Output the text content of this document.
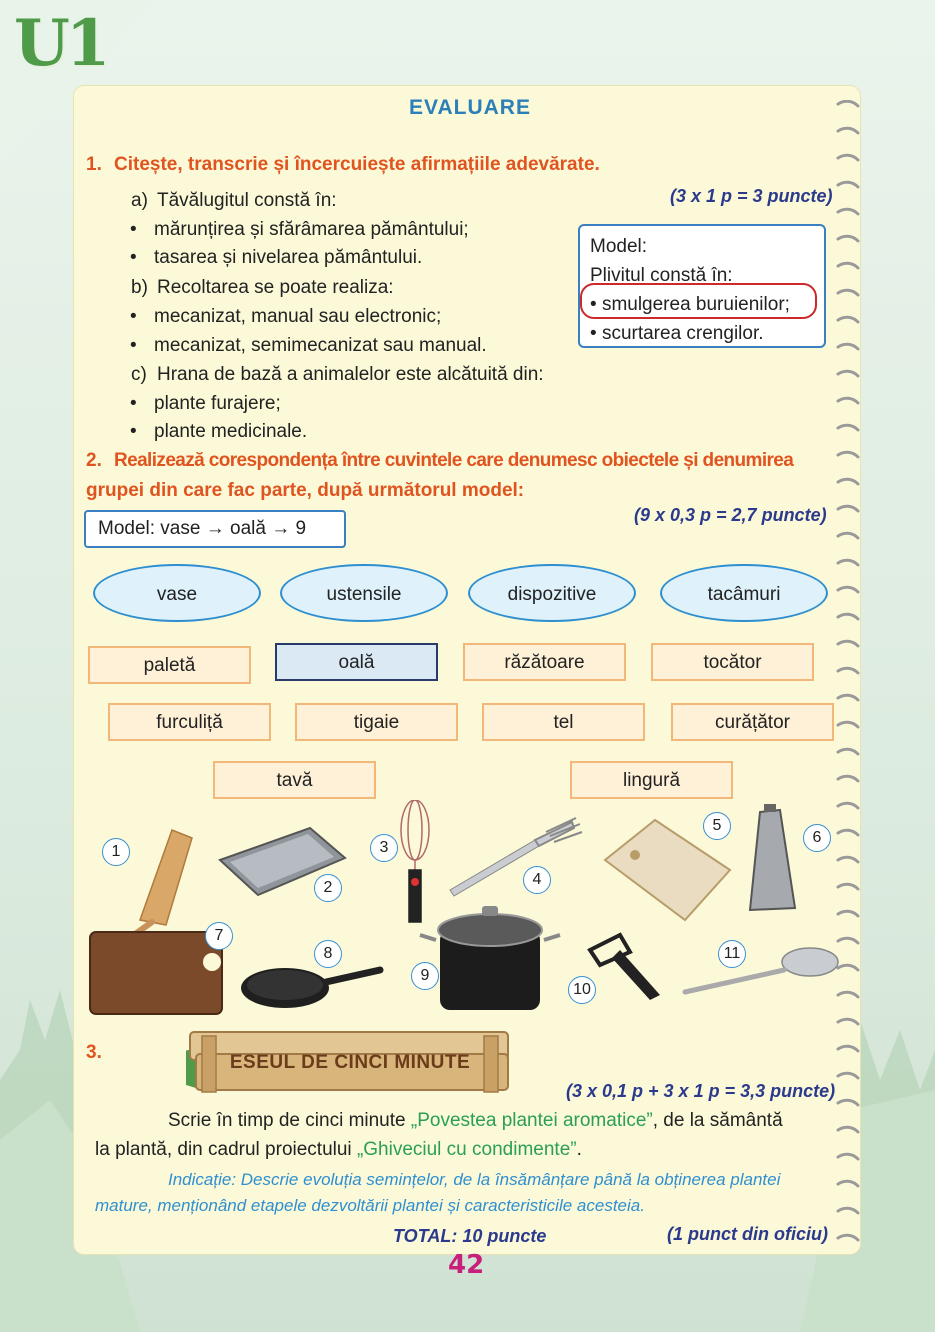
U1
EVALUARE
1. Citește, transcrie și încercuiește afirmațiile adevărate.
(3 x 1 p = 3 puncte)
a) Tăvălugitul constă în:
• mărunțirea și sfărâmarea pământului;
• tasarea și nivelarea pământului.
b) Recoltarea se poate realiza:
• mecanizat, manual sau electronic;
• mecanizat, semimecanizat sau manual.
c) Hrana de bază a animalelor este alcătuită din:
• plante furajere;
• plante medicinale.
Model:
Plivitul constă în:
• smulgerea buruienilor;
• scurtarea crengilor.
2. Realizează corespondența între cuvintele care denumesc obiectele și denumirea
grupei din care fac parte, după următorul model:
(9 x 0,3 p = 2,7 puncte)
Model: vase → oală → 9
vase	ustensile	dispozitive	tacâmuri
paletă	oală	răzătoare	tocător
furculiță	tigaie	tel	curățător
tavă	lingură
1
2
3
4
5
6
7
8
9
10
11
3.	ESEUL DE CINCI MINUTE
(3 x 0,1 p + 3 x 1 p = 3,3 puncte)
Scrie în timp de cinci minute „Povestea plantei aromatice”, de la sământă
la plantă, din cadrul proiectului „Ghiveciul cu condimente”.
Indicație: Descrie evoluția semințelor, de la însămânțare până la obținerea plantei
mature, menționând etapele dezvoltării plantei și caracteristicile acesteia.
TOTAL: 10 puncte	(1 punct din oficiu)
42
